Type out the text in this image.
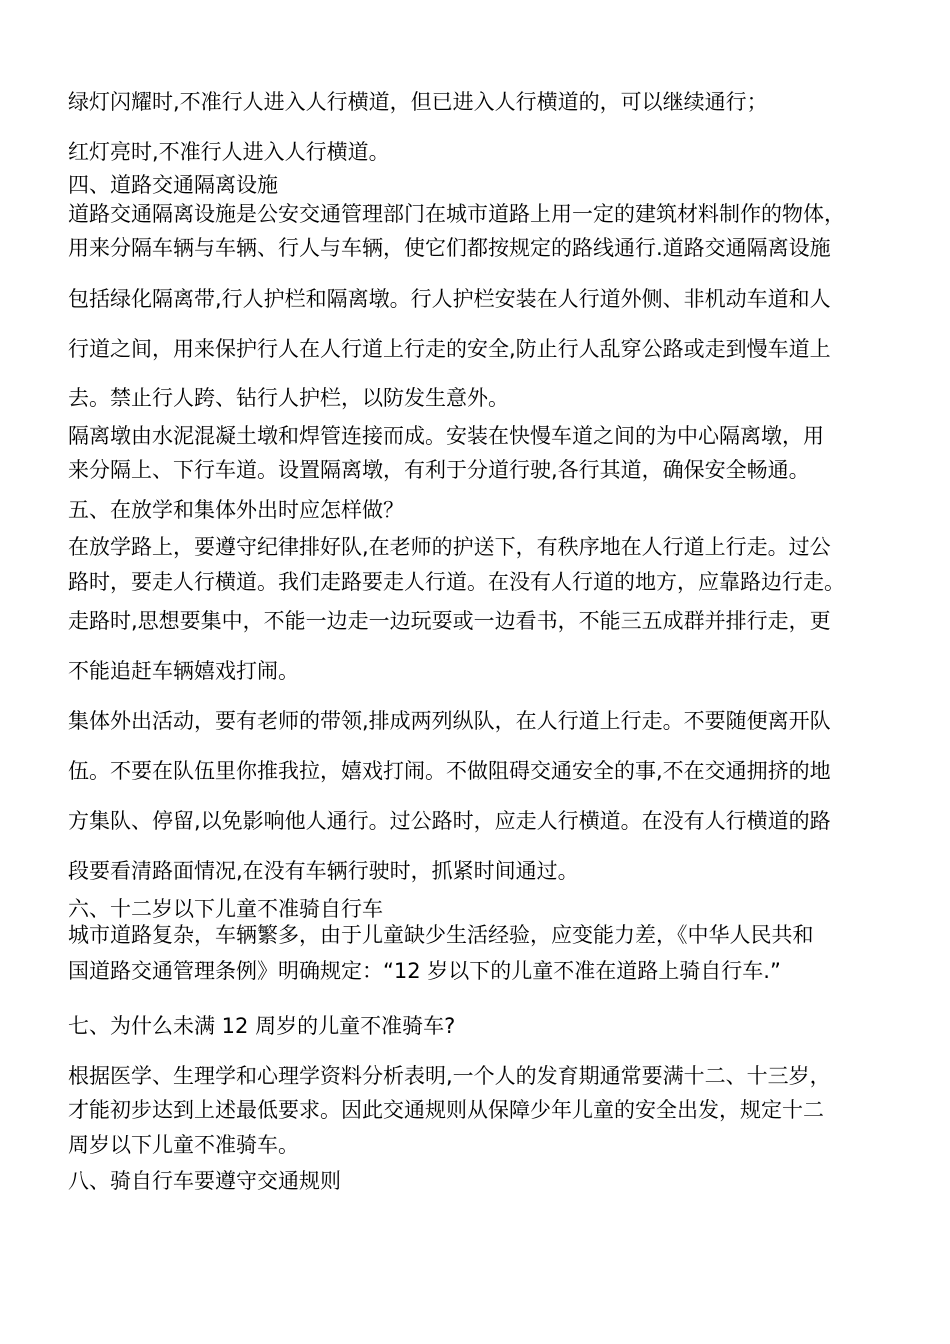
绿灯闪耀时,不准行人进入人行横道，但已进入人行横道的，可以继续通行；

红灯亮时,不准行人进入人行横道。

四、道路交通隔离设施

道路交通隔离设施是公安交通管理部门在城市道路上用一定的建筑材料制作的物体，

用来分隔车辆与车辆、行人与车辆，使它们都按规定的路线通行.道路交通隔离设施

包括绿化隔离带,行人护栏和隔离墩。行人护栏安装在人行道外侧、非机动车道和人

行道之间，用来保护行人在人行道上行走的安全,防止行人乱穿公路或走到慢车道上

去。禁止行人跨、钻行人护栏，以防发生意外。

隔离墩由水泥混凝土墩和焊管连接而成。安装在快慢车道之间的为中心隔离墩，用

来分隔上、下行车道。设置隔离墩，有利于分道行驶,各行其道，确保安全畅通。

五、在放学和集体外出时应怎样做？

在放学路上，要遵守纪律排好队,在老师的护送下，有秩序地在人行道上行走。过公

路时，要走人行横道。我们走路要走人行道。在没有人行道的地方，应靠路边行走。

走路时,思想要集中，不能一边走一边玩耍或一边看书，不能三五成群并排行走，更

不能追赶车辆嬉戏打闹。

集体外出活动，要有老师的带领,排成两列纵队，在人行道上行走。不要随便离开队

伍。不要在队伍里你推我拉，嬉戏打闹。不做阻碍交通安全的事,不在交通拥挤的地

方集队、停留,以免影响他人通行。过公路时，应走人行横道。在没有人行横道的路

段要看清路面情况,在没有车辆行驶时，抓紧时间通过。

六、十二岁以下儿童不准骑自行车

城市道路复杂，车辆繁多，由于儿童缺少生活经验，应变能力差，《中华人民共和

国道路交通管理条例》明确规定：“12 岁以下的儿童不准在道路上骑自行车.”

七、为什么未满 12 周岁的儿童不准骑车?

根据医学、生理学和心理学资料分析表明,一个人的发育期通常要满十二、十三岁，

才能初步达到上述最低要求。因此交通规则从保障少年儿童的安全出发，规定十二

周岁以下儿童不准骑车。

八、骑自行车要遵守交通规则
